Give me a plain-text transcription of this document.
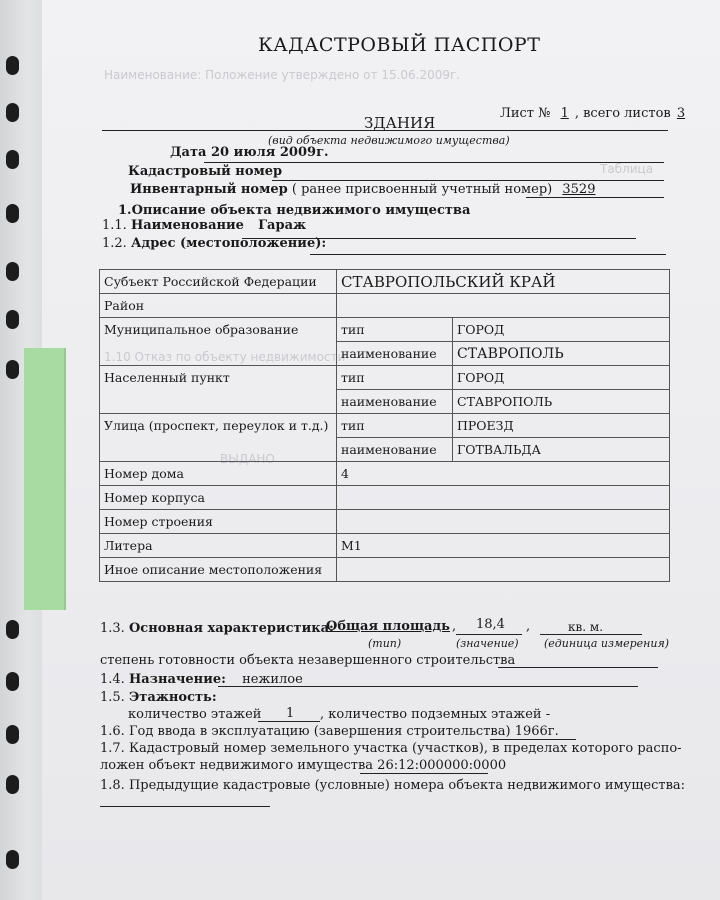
Наименование: Положение утверждено от 15.06.2009г.
1.10 Отказ по объекту недвижимости
Таблица
ВЫДАНО
КАДАСТРОВЫЙ ПАСПОРТ
Лист № 1 , всего листов 3
ЗДАНИЯ
(вид объекта недвижимого имущества)
Дата 20 июля 2009г.
Кадастровый номер
Инвентарный номер ( ранее присвоенный учетный номер) 3529
1.Описание объекта недвижимого имущества
1.1. Наименование Гараж
1.2. Адрес (местоположение):
Субъект Российской Федерации	СТАВРОПОЛЬСКИЙ КРАЙ	
Район		
Муниципальное образование	тип	ГОРОД
	наименование	СТАВРОПОЛЬ
Населенный пункт	тип	ГОРОД
	наименование	СТАВРОПОЛЬ
Улица (проспект, переулок и т.д.)	тип	ПРОЕЗД
	наименование	ГОТВАЛЬДА
Номер дома	4	
Номер корпуса		
Номер строения		
Литера	М1	
Иное описание местоположения		
1.3. Основная характеристика:
Общая площадь , 18,4 ,	кв. м.
(тип)	(значение) (единица измерения)
степень готовности объекта незавершенного строительства
1.4. Назначение: нежилое
1.5. Этажность:
количество этажей 1 , количество подземных этажей -
1.6. Год ввода в эксплуатацию (завершения строительства) 1966г.
1.7. Кадастровый номер земельного участка (участков), в пределах которого распо-
ложен объект недвижимого имущества 26:12:000000:0000
1.8. Предыдущие кадастровые (условные) номера объекта недвижимого имущества:
